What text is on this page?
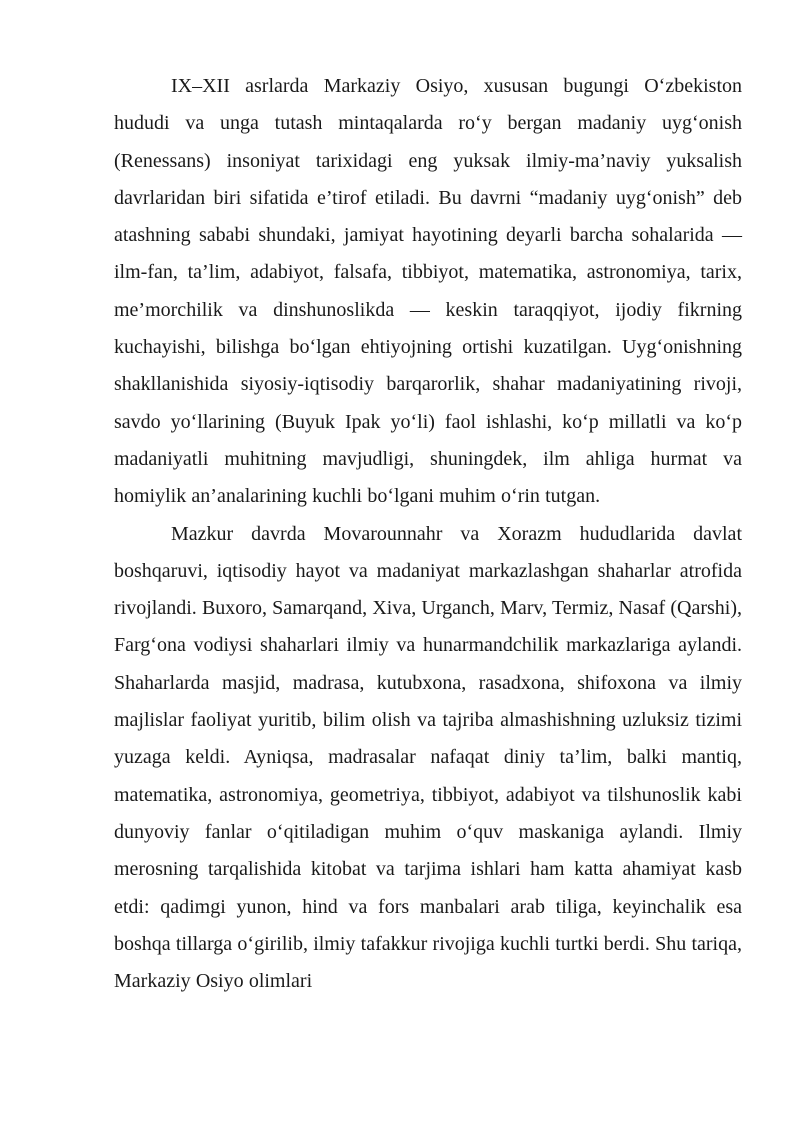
IX–XII asrlarda Markaziy Osiyo, xususan bugungi O‘zbekiston hududi va unga tutash mintaqalarda ro‘y bergan madaniy uyg‘onish (Renessans) insoniyat tarixidagi eng yuksak ilmiy-ma’naviy yuksalish davrlaridan biri sifatida e’tirof etiladi. Bu davrni “madaniy uyg‘onish” deb atashning sababi shundaki, jamiyat hayotining deyarli barcha sohalarida — ilm-fan, ta’lim, adabiyot, falsafa, tibbiyot, matematika, astronomiya, tarix, me’morchilik va dinshunoslikda — keskin taraqqiyot, ijodiy fikrning kuchayishi, bilishga bo‘lgan ehtiyojning ortishi kuzatilgan. Uyg‘onishning shakllanishida siyosiy-iqtisodiy barqarorlik, shahar madaniyatining rivoji, savdo yo‘llarining (Buyuk Ipak yo‘li) faol ishlashi, ko‘p millatli va ko‘p madaniyatli muhitning mavjudligi, shuningdek, ilm ahliga hurmat va homiylik an’analarining kuchli bo‘lgani muhim o‘rin tutgan.

Mazkur davrda Movarounnahr va Xorazm hududlarida davlat boshqaruvi, iqtisodiy hayot va madaniyat markazlashgan shaharlar atrofida rivojlandi. Buxoro, Samarqand, Xiva, Urganch, Marv, Termiz, Nasaf (Qarshi), Farg‘ona vodiysi shaharlari ilmiy va hunarmandchilik markazlariga aylandi. Shaharlarda masjid, madrasa, kutubxona, rasadxona, shifoxona va ilmiy majlislar faoliyat yuritib, bilim olish va tajriba almashishning uzluksiz tizimi yuzaga keldi. Ayniqsa, madrasalar nafaqat diniy ta’lim, balki mantiq, matematika, astronomiya, geometriya, tibbiyot, adabiyot va tilshunoslik kabi dunyoviy fanlar o‘qitiladigan muhim o‘quv maskaniga aylandi. Ilmiy merosning tarqalishida kitobat va tarjima ishlari ham katta ahamiyat kasb etdi: qadimgi yunon, hind va fors manbalari arab tiliga, keyinchalik esa boshqa tillarga o‘girilib, ilmiy tafakkur rivojiga kuchli turtki berdi. Shu tariqa, Markaziy Osiyo olimlari
